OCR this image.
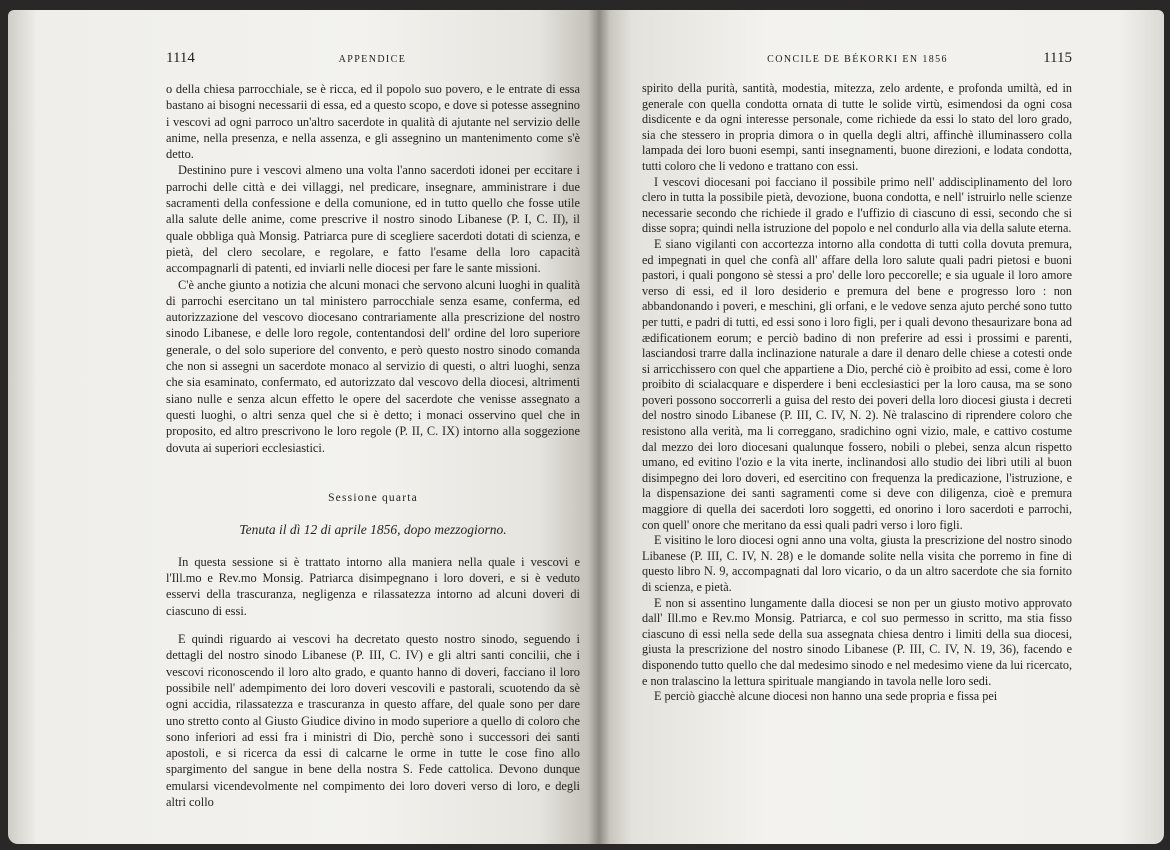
1114	APPENDICE

o della chiesa parrocchiale, se è ricca, ed il popolo suo povero, e le entrate di essa bastano ai bisogni necessarii di essa, ed a questo scopo, e dove si potesse assegnino i vescovi ad ogni parroco un'altro sacerdote in qualità di ajutante nel servizio delle anime, nella presenza, e nella assenza, e gli assegnino un mantenimento come s'è detto.

Destinino pure i vescovi almeno una volta l'anno sacerdoti idonei per eccitare i parrochi delle città e dei villaggi, nel predicare, insegnare, amministrare i due sacramenti della confessione e della comunione, ed in tutto quello che fosse utile alla salute delle anime, come prescrive il nostro sinodo Libanese (P. I, C. II), il quale obbliga quà Monsig. Patriarca pure di scegliere sacerdoti dotati di scienza, e pietà, del clero secolare, e regolare, e fatto l'esame della loro capacità accompagnarli di patenti, ed inviarli nelle diocesi per fare le sante missioni.

C'è anche giunto a notizia che alcuni monaci che servono alcuni luoghi in qualità di parrochi esercitano un tal ministero parrocchiale senza esame, conferma, ed autorizzazione del vescovo diocesano contrariamente alla prescrizione del nostro sinodo Libanese, e delle loro regole, contentandosi dell' ordine del loro superiore generale, o del solo superiore del convento, e però questo nostro sinodo comanda che non si assegni un sacerdote monaco al servizio di questi, o altri luoghi, senza che sia esaminato, confermato, ed autorizzato dal vescovo della diocesi, altrimenti siano nulle e senza alcun effetto le opere del sacerdote che venisse assegnato a questi luoghi, o altri senza quel che si è detto; i monaci osservino quel che in proposito, ed altro prescrivono le loro regole (P. II, C. IX) intorno alla soggezione dovuta ai superiori ecclesiastici.

Sessione quarta
Tenuta il dì 12 di aprile 1856, dopo mezzogiorno.

In questa sessione si è trattato intorno alla maniera nella quale i vescovi e l'Ill.mo e Rev.mo Monsig. Patriarca disimpegnano i loro doveri, e si è veduto esservi della trascuranza, negligenza e rilassatezza intorno ad alcuni doveri di ciascuno di essi.

E quindi riguardo ai vescovi ha decretato questo nostro sinodo, seguendo i dettagli del nostro sinodo Libanese (P. III, C. IV) e gli altri santi concilii, che i vescovi riconoscendo il loro alto grado, e quanto hanno di doveri, facciano il loro possibile nell' adempimento dei loro doveri vescovili e pastorali, scuotendo da sè ogni accidia, rilassatezza e trascuranza in questo affare, del quale sono per dare uno stretto conto al Giusto Giudice divino in modo superiore a quello di coloro che sono inferiori ad essi fra i ministri di Dio, perchè sono i successori dei santi apostoli, e si ricerca da essi di calcarne le orme in tutte le cose fino allo spargimento del sangue in bene della nostra S. Fede cattolica. Devono dunque emularsi vicendevolmente nel compimento dei loro doveri verso di loro, e degli altri collo

CONCILE DE BÉKORKI EN 1856	1115

spirito della purità, santità, modestia, mitezza, zelo ardente, e profonda umiltà, ed in generale con quella condotta ornata di tutte le solide virtù, esimendosi da ogni cosa disdicente e da ogni interesse personale, come richiede da essi lo stato del loro grado, sia che stessero in propria dimora o in quella degli altri, affinchè illuminassero colla lampada dei loro buoni esempi, santi insegnamenti, buone direzioni, e lodata condotta, tutti coloro che li vedono e trattano con essi.

I vescovi diocesani poi facciano il possibile primo nell' addisciplinamento del loro clero in tutta la possibile pietà, devozione, buona condotta, e nell' istruirlo nelle scienze necessarie secondo che richiede il grado e l'uffizio di ciascuno di essi, secondo che si disse sopra; quindi nella istruzione del popolo e nel condurlo alla via della salute eterna.

E siano vigilanti con accortezza intorno alla condotta di tutti colla dovuta premura, ed impegnati in quel che confà all' affare della loro salute quali padri pietosi e buoni pastori, i quali pongono sè stessi a pro' delle loro peccorelle; e sia uguale il loro amore verso di essi, ed il loro desiderio e premura del bene e progresso loro : non abbandonando i poveri, e meschini, gli orfani, e le vedove senza ajuto perché sono tutto per tutti, e padri di tutti, ed essi sono i loro figli, per i quali devono thesaurizare bona ad ædificationem eorum; e perciò badino di non preferire ad essi i prossimi e parenti, lasciandosi trarre dalla inclinazione naturale a dare il denaro delle chiese a cotesti onde si arricchissero con quel che appartiene a Dio, perché ciò è proibito ad essi, come è loro proibito di scialacquare e disperdere i beni ecclesiastici per la loro causa, ma se sono poveri possono soccorrerli a guisa del resto dei poveri della loro diocesi giusta i decreti del nostro sinodo Libanese (P. III, C. IV, N. 2). Nè tralascino di riprendere coloro che resistono alla verità, ma li correggano, sradichino ogni vizio, male, e cattivo costume dal mezzo dei loro diocesani qualunque fossero, nobili o plebei, senza alcun rispetto umano, ed evitino l'ozio e la vita inerte, inclinandosi allo studio dei libri utili al buon disimpegno dei loro doveri, ed esercitino con frequenza la predicazione, l'istruzione, e la dispensazione dei santi sagramenti come si deve con diligenza, cioè e premura maggiore di quella dei sacerdoti loro soggetti, ed onorino i loro sacerdoti e parrochi, con quell' onore che meritano da essi quali padri verso i loro figli.

E visitino le loro diocesi ogni anno una volta, giusta la prescrizione del nostro sinodo Libanese (P. III, C. IV, N. 28) e le domande solite nella visita che porremo in fine di questo libro N. 9, accompagnati dal loro vicario, o da un altro sacerdote che sia fornito di scienza, e pietà.

E non si assentino lungamente dalla diocesi se non per un giusto motivo approvato dall' Ill.mo e Rev.mo Monsig. Patriarca, e col suo permesso in scritto, ma stia fisso ciascuno di essi nella sede della sua assegnata chiesa dentro i limiti della sua diocesi, giusta la prescrizione del nostro sinodo Libanese (P. III, C. IV, N. 19, 36), facendo e disponendo tutto quello che dal medesimo sinodo e nel medesimo viene da lui ricercato, e non tralascino la lettura spirituale mangiando in tavola nelle loro sedi.

E perciò giacchè alcune diocesi non hanno una sede propria e fissa pei
